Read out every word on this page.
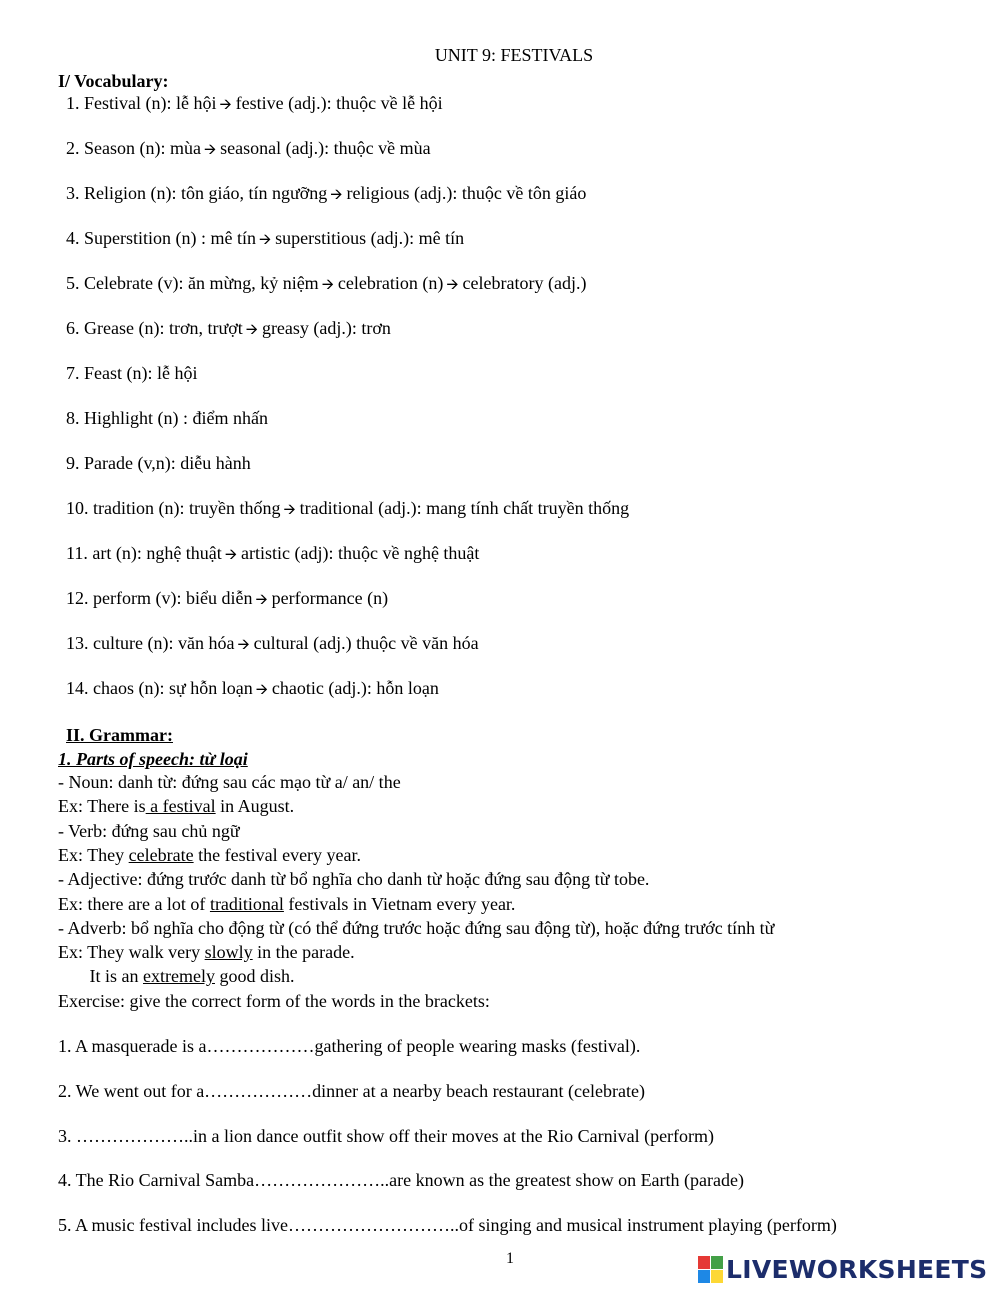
UNIT 9: FESTIVALS
I/ Vocabulary:
1. Festival (n): lễ hội 🡪 festive (adj.): thuộc về lễ hội
2. Season (n): mùa 🡪 seasonal (adj.): thuộc về mùa
3. Religion (n): tôn giáo, tín ngưỡng 🡪 religious (adj.): thuộc về tôn giáo
4. Superstition (n) : mê tín 🡪 superstitious (adj.): mê tín
5. Celebrate (v): ăn mừng, kỷ niệm 🡪 celebration (n) 🡪 celebratory (adj.)
6. Grease (n): trơn, trượt 🡪 greasy (adj.): trơn
7. Feast (n): lễ hội
8. Highlight (n) : điểm nhấn
9. Parade (v,n): diễu hành
10. tradition (n): truyền thống 🡪 traditional (adj.): mang tính chất truyền thống
11. art (n): nghệ thuật 🡪 artistic (adj): thuộc về nghệ thuật
12. perform (v): biểu diễn 🡪 performance (n)
13. culture (n): văn hóa 🡪 cultural (adj.) thuộc về văn hóa
14. chaos (n): sự hỗn loạn 🡪 chaotic (adj.): hỗn loạn
II. Grammar:
1. Parts of speech: từ loại
- Noun: danh từ: đứng sau các mạo từ a/ an/ the
Ex: There is a festival in August.
- Verb: đứng sau chủ ngữ
Ex: They celebrate the festival every year.
- Adjective: đứng trước danh từ bổ nghĩa cho danh từ hoặc đứng sau động từ tobe.
Ex: there are a lot of traditional festivals in Vietnam every year.
- Adverb: bổ nghĩa cho động từ (có thể đứng trước hoặc đứng sau động từ), hoặc đứng trước tính từ
Ex: They walk very slowly in the parade.
It is an extremely good dish.
Exercise: give the correct form of the words in the brackets:
1. A masquerade is a………………gathering of people wearing masks (festival).
2. We went out for a………………dinner at a nearby beach restaurant (celebrate)
3. ………………..in a lion dance outfit show off their moves at the Rio Carnival (perform)
4. The Rio Carnival Samba…………………..are known as the greatest show on Earth (parade)
5. A music festival includes live………………………..of singing and musical instrument playing (perform)
1	LIVEWORKSHEETS
